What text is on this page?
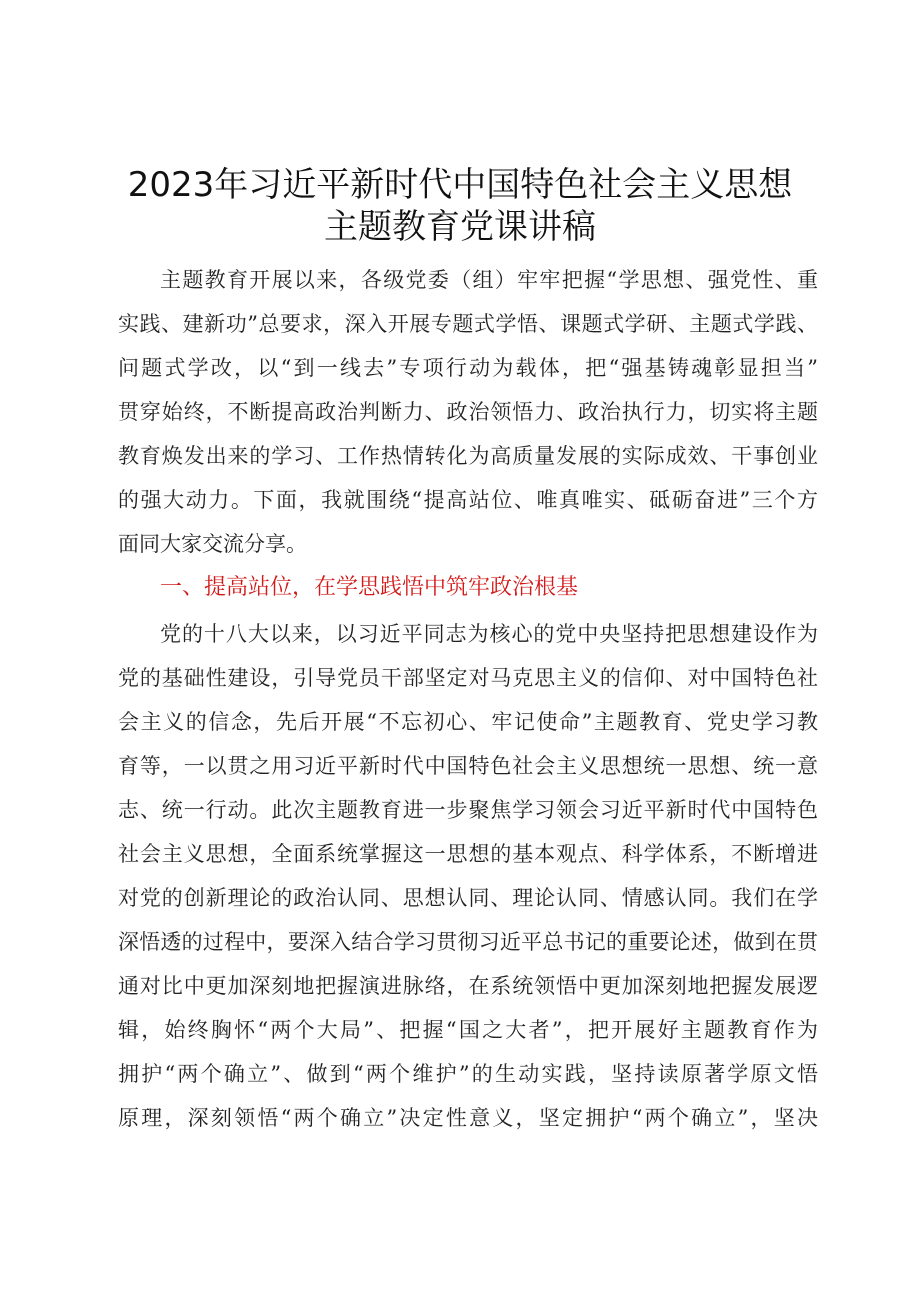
2023年习近平新时代中国特色社会主义思想
主题教育党课讲稿
主题教育开展以来，各级党委（组）牢牢把握“学思想、强党性、重
实践、建新功”总要求，深入开展专题式学悟、课题式学研、主题式学践、
问题式学改，以“到一线去”专项行动为载体，把“强基铸魂彰显担当”
贯穿始终，不断提高政治判断力、政治领悟力、政治执行力，切实将主题
教育焕发出来的学习、工作热情转化为高质量发展的实际成效、干事创业
的强大动力。下面，我就围绕“提高站位、唯真唯实、砥砺奋进”三个方
面同大家交流分享。
一、提高站位，在学思践悟中筑牢政治根基
党的十八大以来，以习近平同志为核心的党中央坚持把思想建设作为
党的基础性建设，引导党员干部坚定对马克思主义的信仰、对中国特色社
会主义的信念，先后开展“不忘初心、牢记使命”主题教育、党史学习教
育等，一以贯之用习近平新时代中国特色社会主义思想统一思想、统一意
志、统一行动。此次主题教育进一步聚焦学习领会习近平新时代中国特色
社会主义思想，全面系统掌握这一思想的基本观点、科学体系，不断增进
对党的创新理论的政治认同、思想认同、理论认同、情感认同。我们在学
深悟透的过程中，要深入结合学习贯彻习近平总书记的重要论述，做到在贯
通对比中更加深刻地把握演进脉络，在系统领悟中更加深刻地把握发展逻
辑，始终胸怀“两个大局”、把握“国之大者”，把开展好主题教育作为
拥护“两个确立”、做到“两个维护”的生动实践，坚持读原著学原文悟
原理，深刻领悟“两个确立”决定性意义，坚定拥护“两个确立”，坚决
